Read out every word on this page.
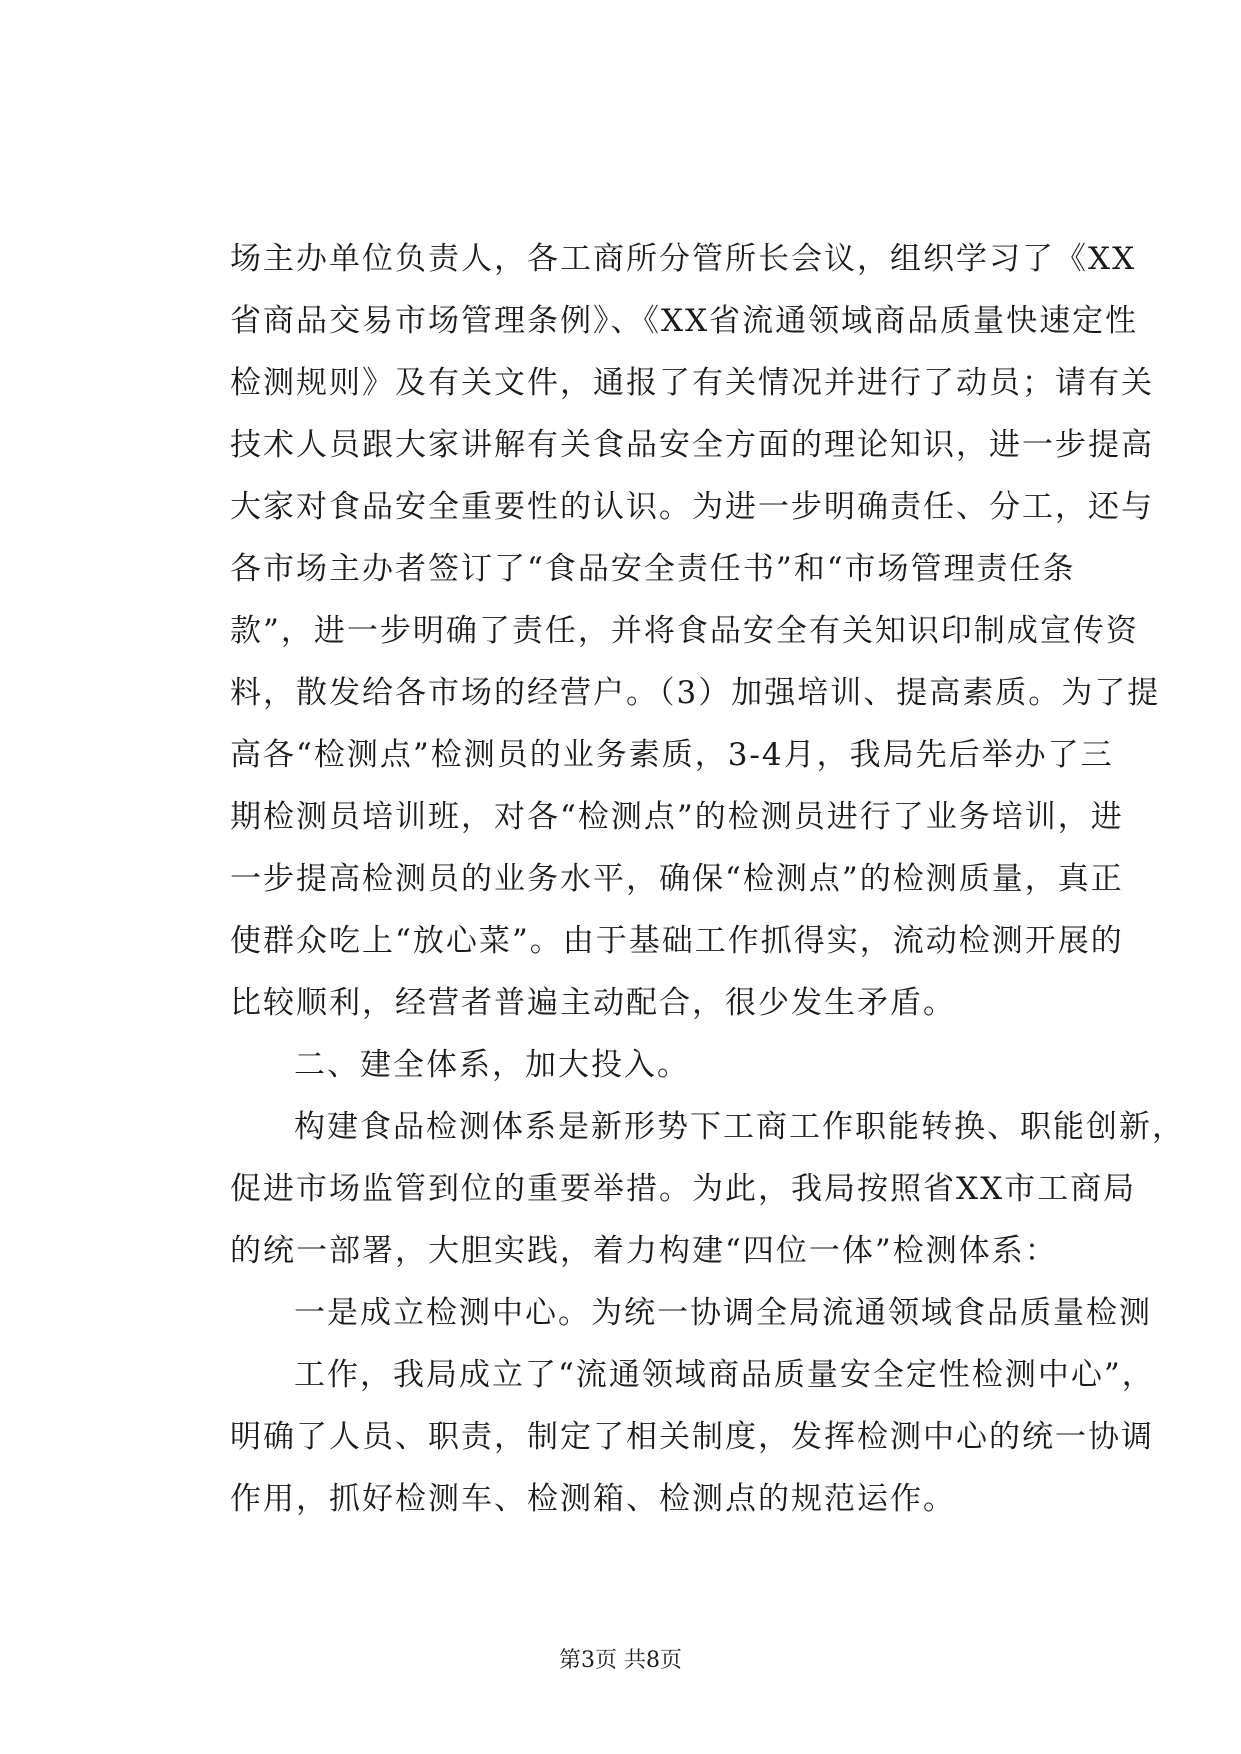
场主办单位负责人，各工商所分管所长会议，组织学习了《XX
省商品交易市场管理条例》、《XX省流通领域商品质量快速定性
检测规则》及有关文件，通报了有关情况并进行了动员；请有关
技术人员跟大家讲解有关食品安全方面的理论知识，进一步提高
大家对食品安全重要性的认识。为进一步明确责任、分工，还与
各市场主办者签订了“食品安全责任书”和“市场管理责任条
款”，进一步明确了责任，并将食品安全有关知识印制成宣传资
料，散发给各市场的经营户。（3）加强培训、提高素质。为了提
高各“检测点”检测员的业务素质，3-4月，我局先后举办了三
期检测员培训班，对各“检测点”的检测员进行了业务培训，进
一步提高检测员的业务水平，确保“检测点”的检测质量，真正
使群众吃上“放心菜”。由于基础工作抓得实，流动检测开展的
比较顺利，经营者普遍主动配合，很少发生矛盾。
二、建全体系，加大投入。
构建食品检测体系是新形势下工商工作职能转换、职能创新，
促进市场监管到位的重要举措。为此，我局按照省XX市工商局
的统一部署，大胆实践，着力构建“四位一体”检测体系：
一是成立检测中心。为统一协调全局流通领域食品质量检测
工作，我局成立了“流通领域商品质量安全定性检测中心”，
明确了人员、职责，制定了相关制度，发挥检测中心的统一协调
作用，抓好检测车、检测箱、检测点的规范运作。
第3页 共8页
